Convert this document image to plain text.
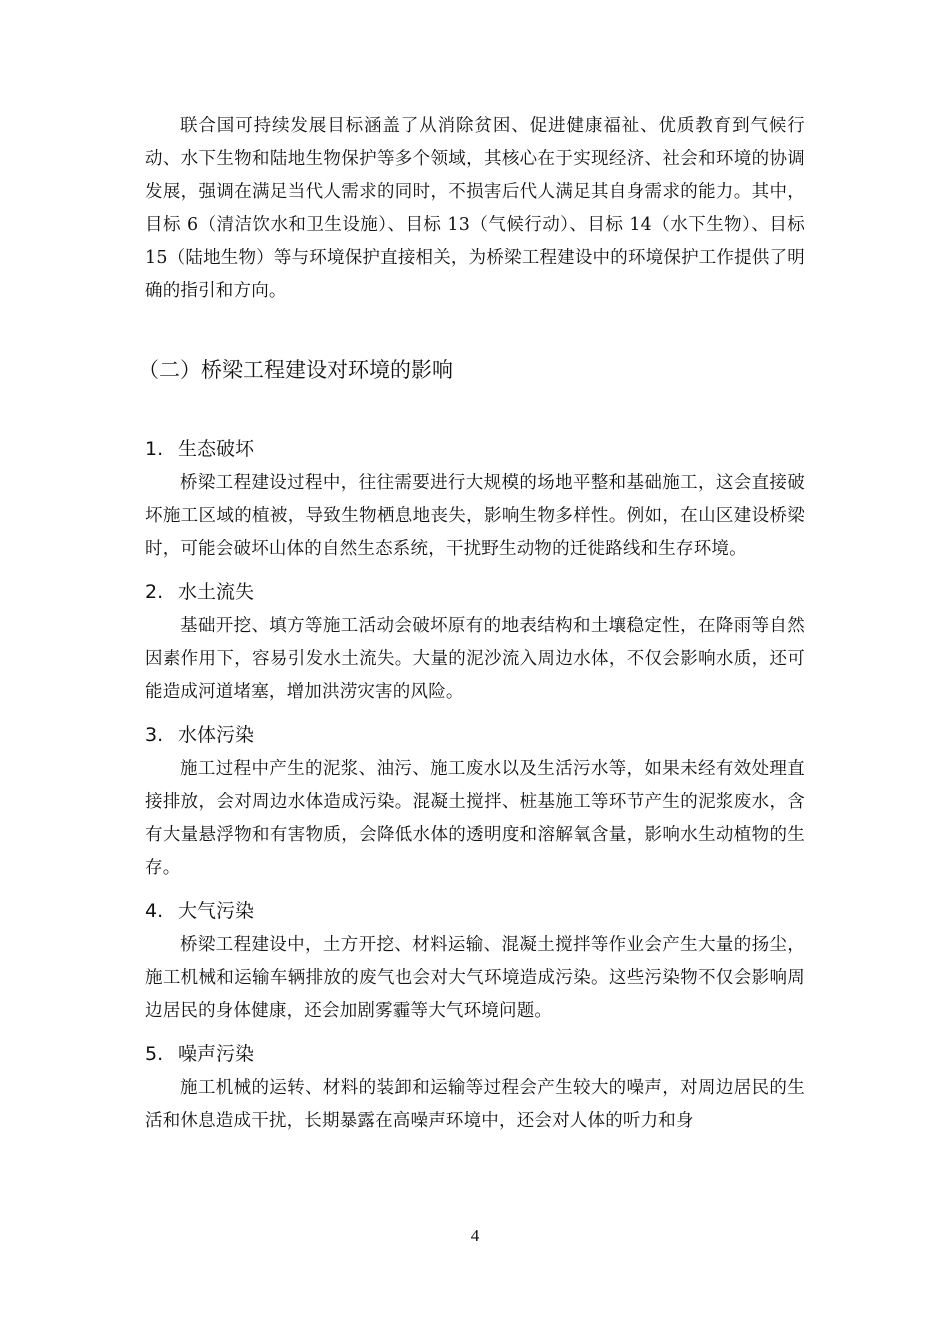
联合国可持续发展目标涵盖了从消除贫困、促进健康福祉、优质教育到气候行动、水下生物和陆地生物保护等多个领域，其核心在于实现经济、社会和环境的协调发展，强调在满足当代人需求的同时，不损害后代人满足其自身需求的能力。其中，目标 6（清洁饮水和卫生设施）、目标 13（气候行动）、目标 14（水下生物）、目标 15（陆地生物）等与环境保护直接相关，为桥梁工程建设中的环境保护工作提供了明确的指引和方向。

（二）桥梁工程建设对环境的影响
1. 生态破坏

桥梁工程建设过程中，往往需要进行大规模的场地平整和基础施工，这会直接破坏施工区域的植被，导致生物栖息地丧失，影响生物多样性。例如，在山区建设桥梁时，可能会破坏山体的自然生态系统，干扰野生动物的迁徙路线和生存环境。

2. 水土流失

基础开挖、填方等施工活动会破坏原有的地表结构和土壤稳定性，在降雨等自然因素作用下，容易引发水土流失。大量的泥沙流入周边水体，不仅会影响水质，还可能造成河道堵塞，增加洪涝灾害的风险。

3. 水体污染

施工过程中产生的泥浆、油污、施工废水以及生活污水等，如果未经有效处理直接排放，会对周边水体造成污染。混凝土搅拌、桩基施工等环节产生的泥浆废水，含有大量悬浮物和有害物质，会降低水体的透明度和溶解氧含量，影响水生动植物的生存。

4. 大气污染

桥梁工程建设中，土方开挖、材料运输、混凝土搅拌等作业会产生大量的扬尘，施工机械和运输车辆排放的废气也会对大气环境造成污染。这些污染物不仅会影响周边居民的身体健康，还会加剧雾霾等大气环境问题。

5. 噪声污染

施工机械的运转、材料的装卸和运输等过程会产生较大的噪声，对周边居民的生活和休息造成干扰，长期暴露在高噪声环境中，还会对人体的听力和身

4
